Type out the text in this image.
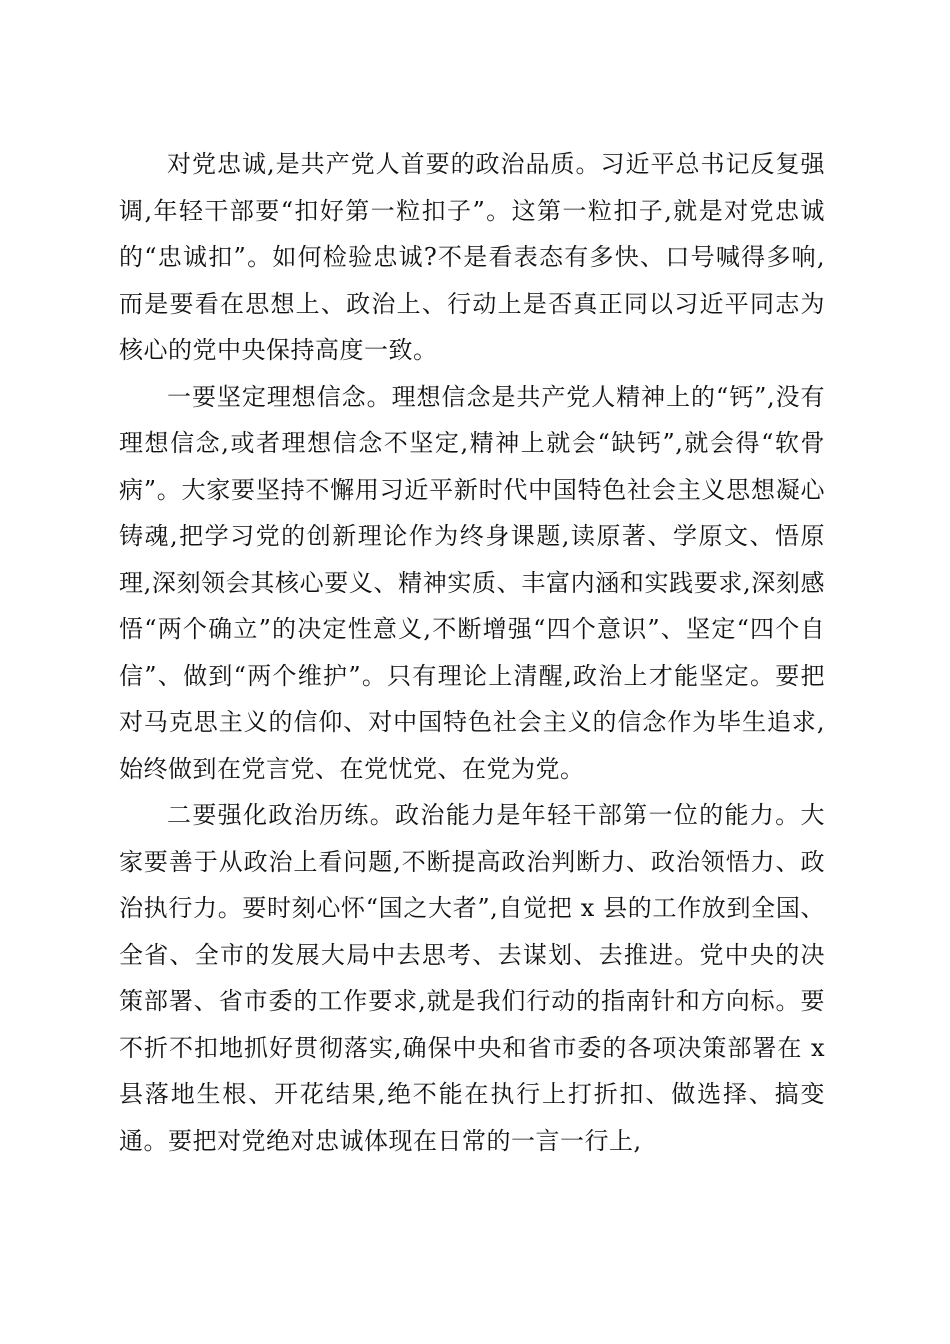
对党忠诚,是共产党人首要的政治品质。习近平总书记反复强调,年轻干部要“扣好第一粒扣子”。这第一粒扣子,就是对党忠诚的“忠诚扣”。如何检验忠诚?不是看表态有多快、口号喊得多响,而是要看在思想上、政治上、行动上是否真正同以习近平同志为核心的党中央保持高度一致。

一要坚定理想信念。理想信念是共产党人精神上的“钙”,没有理想信念,或者理想信念不坚定,精神上就会“缺钙”,就会得“软骨病”。大家要坚持不懈用习近平新时代中国特色社会主义思想凝心铸魂,把学习党的创新理论作为终身课题,读原著、学原文、悟原理,深刻领会其核心要义、精神实质、丰富内涵和实践要求,深刻感悟“两个确立”的决定性意义,不断增强“四个意识”、坚定“四个自信”、做到“两个维护”。只有理论上清醒,政治上才能坚定。要把对马克思主义的信仰、对中国特色社会主义的信念作为毕生追求,始终做到在党言党、在党忧党、在党为党。

二要强化政治历练。政治能力是年轻干部第一位的能力。大家要善于从政治上看问题,不断提高政治判断力、政治领悟力、政治执行力。要时刻心怀“国之大者”,自觉把 x 县的工作放到全国、全省、全市的发展大局中去思考、去谋划、去推进。党中央的决策部署、省市委的工作要求,就是我们行动的指南针和方向标。要不折不扣地抓好贯彻落实,确保中央和省市委的各项决策部署在 x 县落地生根、开花结果,绝不能在执行上打折扣、做选择、搞变通。要把对党绝对忠诚体现在日常的一言一行上,
